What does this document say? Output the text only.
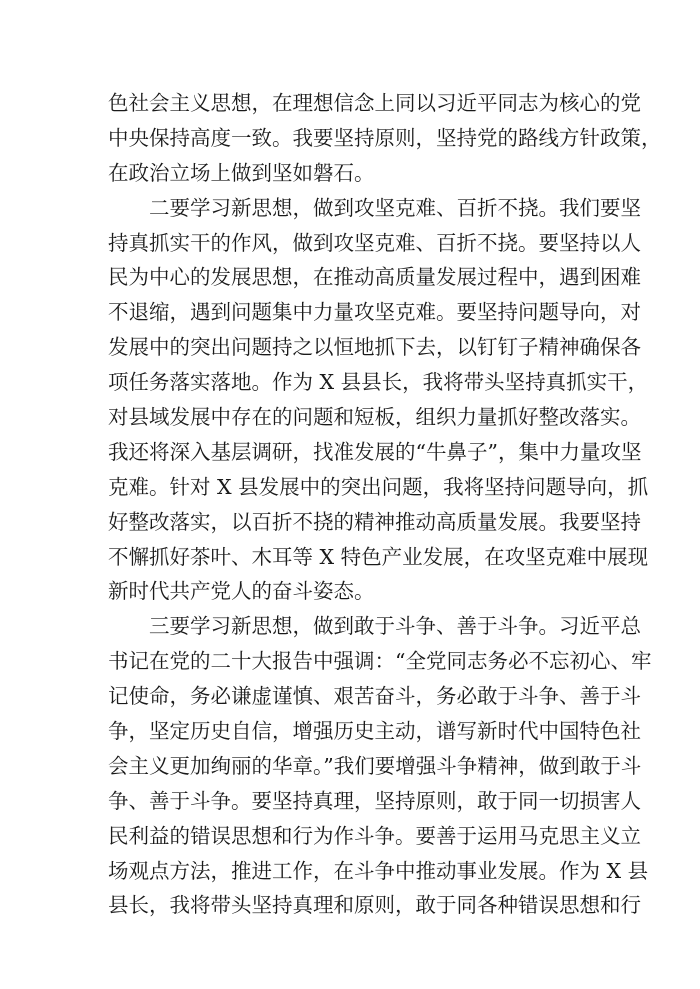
色社会主义思想，在理想信念上同以习近平同志为核心的党
中央保持高度一致。我要坚持原则，坚持党的路线方针政策，
在政治立场上做到坚如磐石。
二要学习新思想，做到攻坚克难、百折不挠。我们要坚
持真抓实干的作风，做到攻坚克难、百折不挠。要坚持以人
民为中心的发展思想，在推动高质量发展过程中，遇到困难
不退缩，遇到问题集中力量攻坚克难。要坚持问题导向，对
发展中的突出问题持之以恒地抓下去，以钉钉子精神确保各
项任务落实落地。作为 X 县县长，我将带头坚持真抓实干，
对县域发展中存在的问题和短板，组织力量抓好整改落实。
我还将深入基层调研，找准发展的“牛鼻子”，集中力量攻坚
克难。针对 X 县发展中的突出问题，我将坚持问题导向，抓
好整改落实，以百折不挠的精神推动高质量发展。我要坚持
不懈抓好茶叶、木耳等 X 特色产业发展，在攻坚克难中展现
新时代共产党人的奋斗姿态。
三要学习新思想，做到敢于斗争、善于斗争。习近平总
书记在党的二十大报告中强调：“全党同志务必不忘初心、牢
记使命，务必谦虚谨慎、艰苦奋斗，务必敢于斗争、善于斗
争，坚定历史自信，增强历史主动，谱写新时代中国特色社
会主义更加绚丽的华章。”我们要增强斗争精神，做到敢于斗
争、善于斗争。要坚持真理，坚持原则，敢于同一切损害人
民利益的错误思想和行为作斗争。要善于运用马克思主义立
场观点方法，推进工作，在斗争中推动事业发展。作为 X 县
县长，我将带头坚持真理和原则，敢于同各种错误思想和行
